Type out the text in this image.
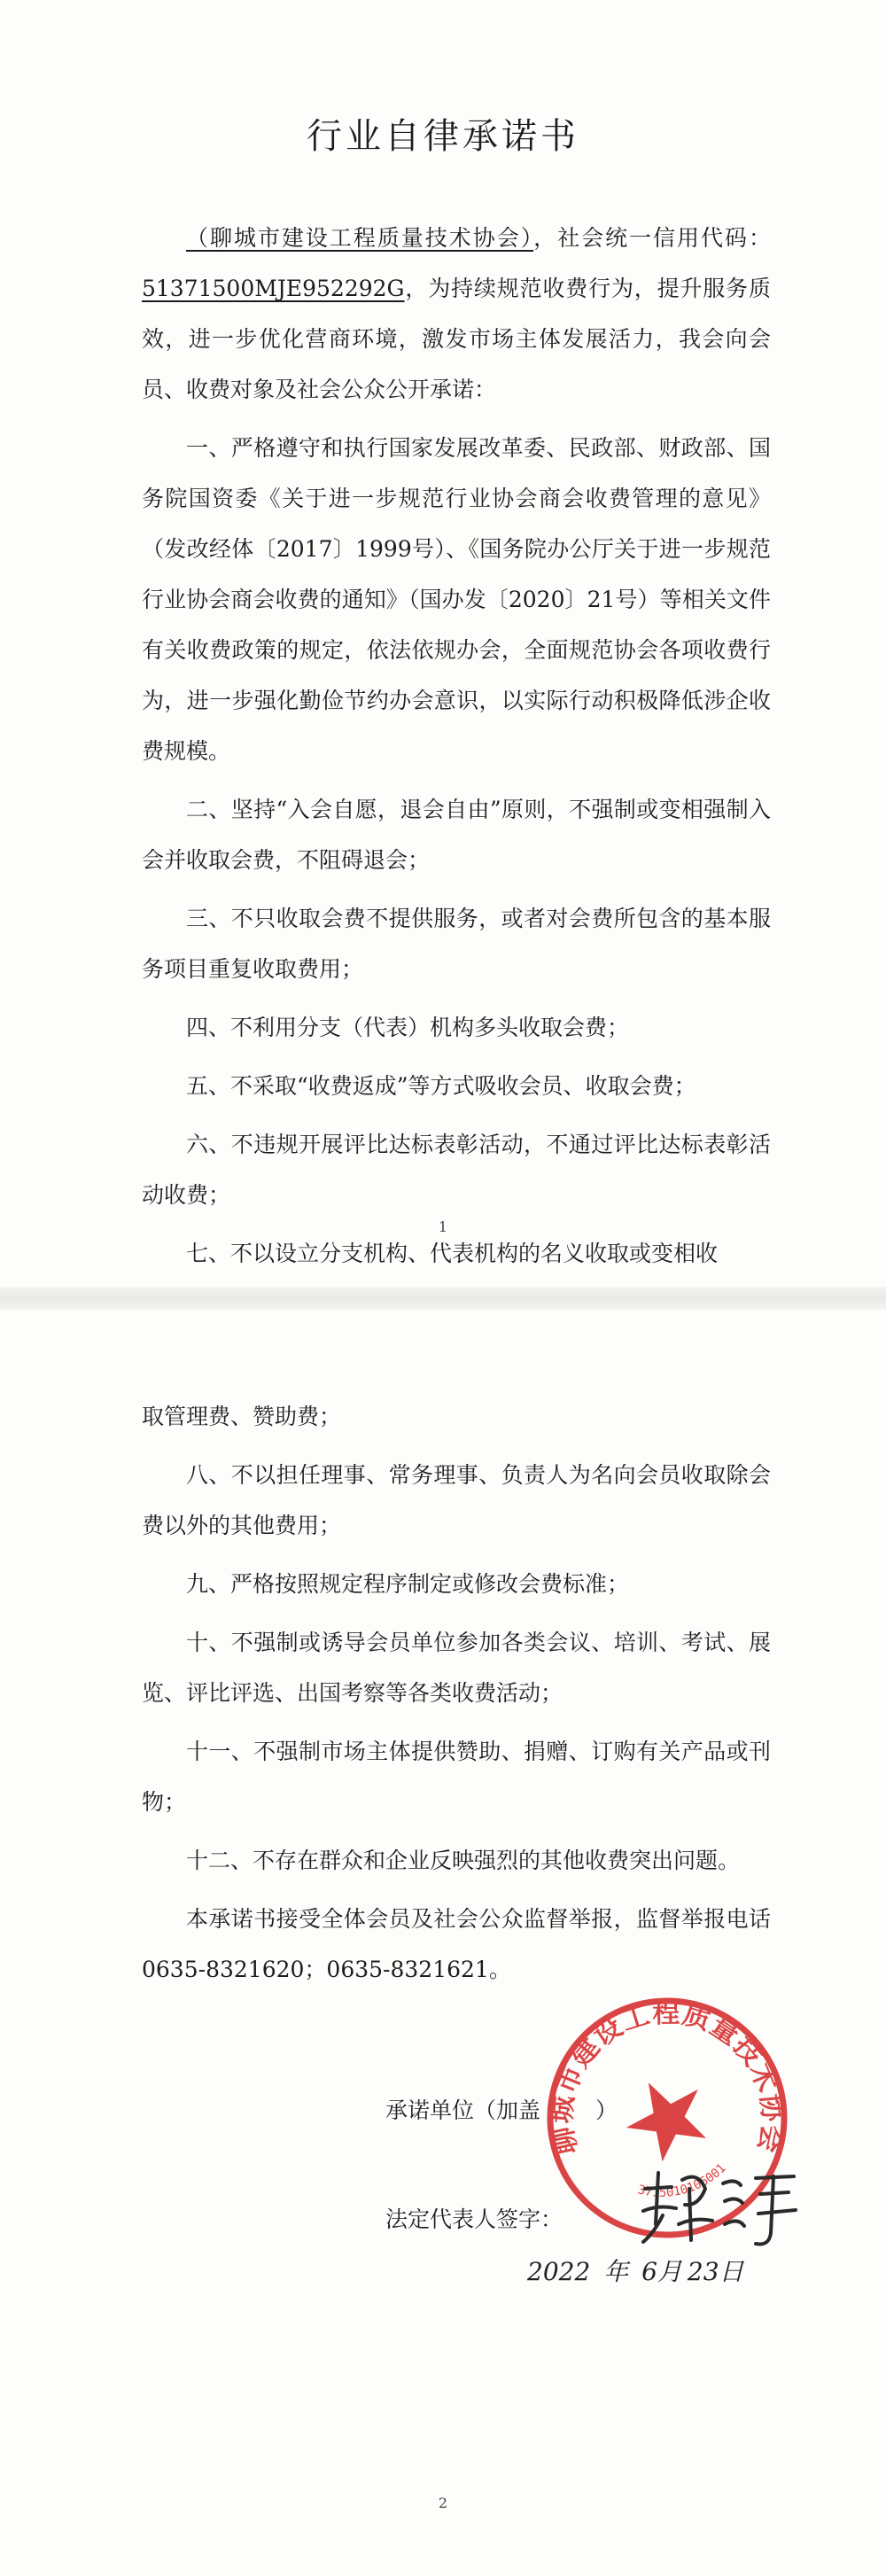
行业自律承诺书

（聊城市建设工程质量技术协会），社会统一信用代码：51371500MJE952292G，为持续规范收费行为，提升服务质效，进一步优化营商环境，激发市场主体发展活力，我会向会员、收费对象及社会公众公开承诺：

一、严格遵守和执行国家发展改革委、民政部、财政部、国务院国资委《关于进一步规范行业协会商会收费管理的意见》（发改经体〔2017〕1999号）、《国务院办公厅关于进一步规范行业协会商会收费的通知》（国办发〔2020〕21号）等相关文件有关收费政策的规定，依法依规办会，全面规范协会各项收费行为，进一步强化勤俭节约办会意识，以实际行动积极降低涉企收费规模。

二、坚持“入会自愿，退会自由”原则，不强制或变相强制入会并收取会费，不阻碍退会；

三、不只收取会费不提供服务，或者对会费所包含的基本服务项目重复收取费用；

四、不利用分支（代表）机构多头收取会费；

五、不采取“收费返成”等方式吸收会员、收取会费；

六、不违规开展评比达标表彰活动，不通过评比达标表彰活动收费；

七、不以设立分支机构、代表机构的名义收取或变相收

1

取管理费、赞助费；

八、不以担任理事、常务理事、负责人为名向会员收取除会费以外的其他费用；

九、严格按照规定程序制定或修改会费标准；

十、不强制或诱导会员单位参加各类会议、培训、考试、展览、评比评选、出国考察等各类收费活动；

十一、不强制市场主体提供赞助、捐赠、订购有关产品或刊物；

十二、不存在群众和企业反映强烈的其他收费突出问题。

本承诺书接受全体会员及社会公众监督举报，监督举报电话0635-8321620；0635-8321621。

承诺单位（加盖 ）
聊城市建设工程质量技术协会
3715010106001
法定代表人签字：
2022 年 6月 23日
2
